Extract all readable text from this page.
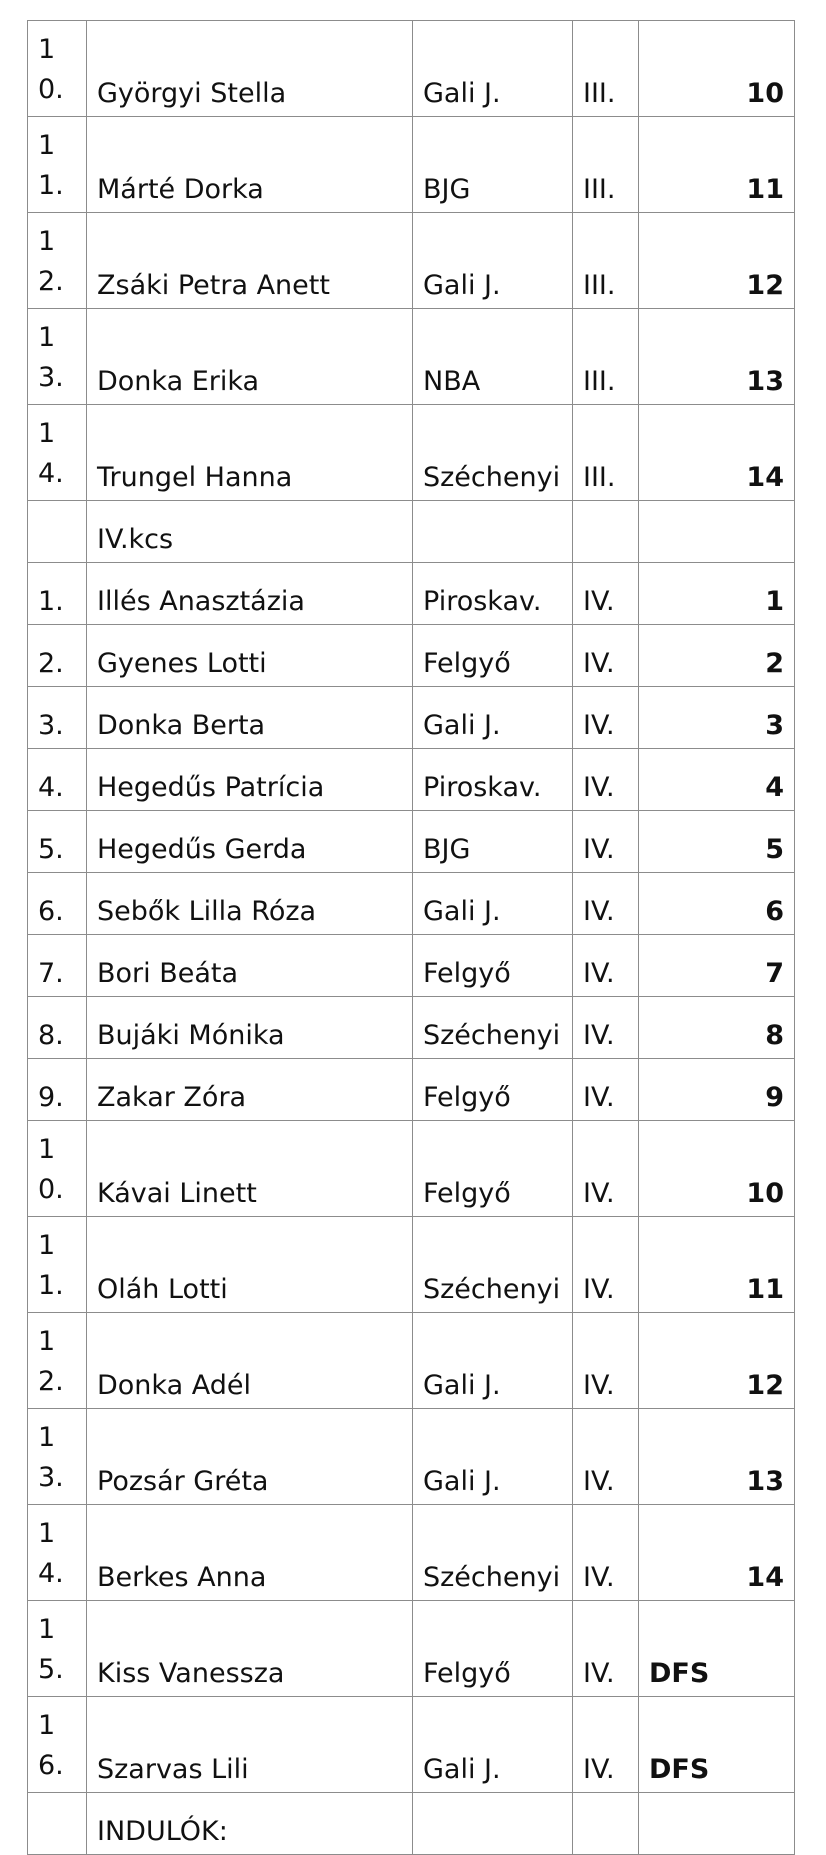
10.	Györgyi Stella	Gali J.	III.	10
11.	Márté Dorka	BJG	III.	11
12.	Zsáki Petra Anett	Gali J.	III.	12
13.	Donka Erika	NBA	III.	13
14.	Trungel Hanna	Széchenyi	III.	14
	IV.kcs			
1.	Illés Anasztázia	Piroskav.	IV.	1
2.	Gyenes Lotti	Felgyő	IV.	2
3.	Donka Berta	Gali J.	IV.	3
4.	Hegedűs Patrícia	Piroskav.	IV.	4
5.	Hegedűs Gerda	BJG	IV.	5
6.	Sebők Lilla Róza	Gali J.	IV.	6
7.	Bori Beáta	Felgyő	IV.	7
8.	Bujáki Mónika	Széchenyi	IV.	8
9.	Zakar Zóra	Felgyő	IV.	9
10.	Kávai Linett	Felgyő	IV.	10
11.	Oláh Lotti	Széchenyi	IV.	11
12.	Donka Adél	Gali J.	IV.	12
13.	Pozsár Gréta	Gali J.	IV.	13
14.	Berkes Anna	Széchenyi	IV.	14
15.	Kiss Vanessza	Felgyő	IV.	DFS
16.	Szarvas Lili	Gali J.	IV.	DFS
	INDULÓK:			
